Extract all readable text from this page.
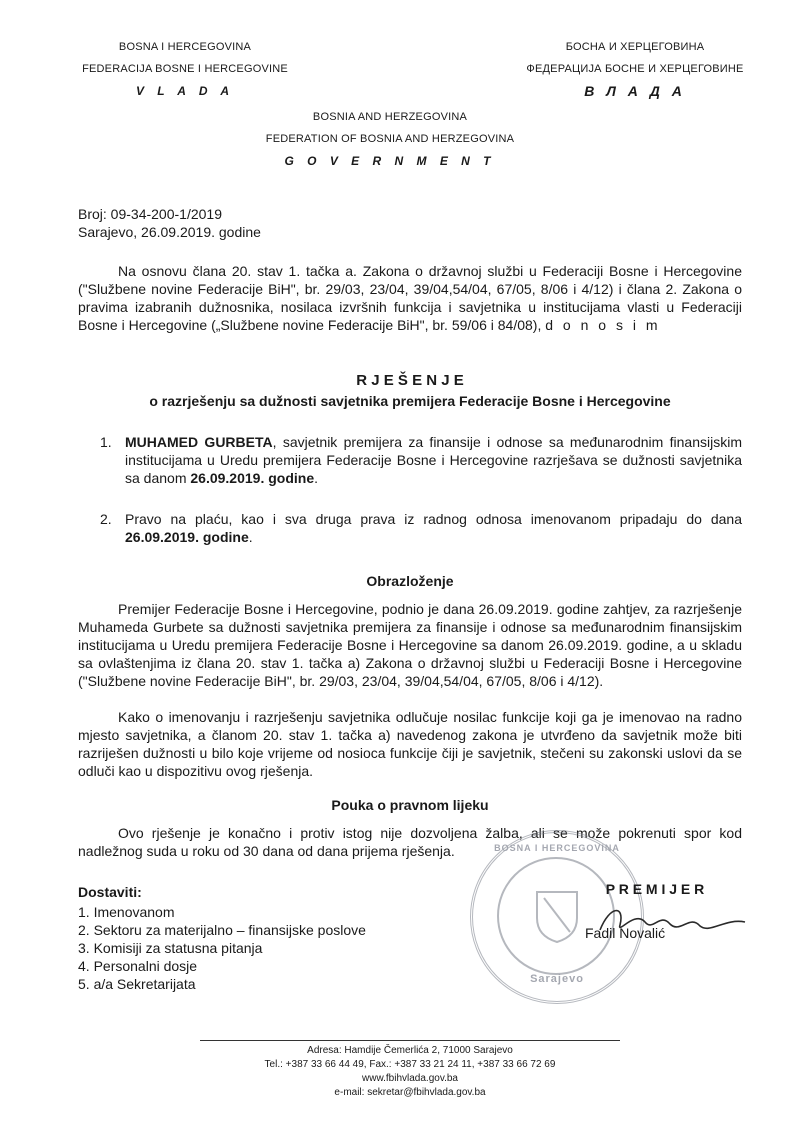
BOSNA I HERCEGOVINA
FEDERACIJA BOSNE I HERCEGOVINE
V L A D A
БОСНА И ХЕРЦЕГОВИНА
ФЕДЕРАЦИЈА БОСНЕ И ХЕРЦЕГОВИНЕ
В Л А Д А
BOSNIA AND HERZEGOVINA
FEDERATION OF BOSNIA AND HERZEGOVINA
G O V E R N M E N T
Broj: 09-34-200-1/2019
Sarajevo, 26.09.2019. godine
Na osnovu člana 20. stav 1. tačka a. Zakona o državnoj službi u Federaciji Bosne i Hercegovine ("Službene novine Federacije BiH", br. 29/03, 23/04, 39/04,54/04, 67/05, 8/06 i 4/12) i člana 2. Zakona o pravima izabranih dužnosnika, nosilaca izvršnih funkcija i savjetnika u institucijama vlasti u Federaciji Bosne i Hercegovine („Službene novine Federacije BiH", br. 59/06 i 84/08), d o n o s i m
R J E Š E N J E
o razrješenju sa dužnosti savjetnika premijera Federacije Bosne i Hercegovine
1. MUHAMED GURBETA, savjetnik premijera za finansije i odnose sa međunarodnim finansijskim institucijama u Uredu premijera Federacije Bosne i Hercegovine razrješava se dužnosti savjetnika sa danom 26.09.2019. godine.
2. Pravo na plaću, kao i sva druga prava iz radnog odnosa imenovanom pripadaju do dana 26.09.2019. godine.
Obrazloženje
Premijer Federacije Bosne i Hercegovine, podnio je dana 26.09.2019. godine zahtjev, za razrješenje Muhameda Gurbete sa dužnosti savjetnika premijera za finansije i odnose sa međunarodnim finansijskim institucijama u Uredu premijera Federacije Bosne i Hercegovine sa danom 26.09.2019. godine, a u skladu sa ovlaštenjima iz člana 20. stav 1. tačka a) Zakona o državnoj službi u Federaciji Bosne i Hercegovine ("Službene novine Federacije BiH", br. 29/03, 23/04, 39/04,54/04, 67/05, 8/06 i 4/12).
Kako o imenovanju i razrješenju savjetnika odlučuje nosilac funkcije koji ga je imenovao na radno mjesto savjetnika, a članom 20. stav 1. tačka a) navedenog zakona je utvrđeno da savjetnik može biti razriješen dužnosti u bilo koje vrijeme od nosioca funkcije čiji je savjetnik, stečeni su zakonski uslovi da se odluči kao u dispozitivu ovog rješenja.
Pouka o pravnom lijeku
Ovo rješenje je konačno i protiv istog nije dozvoljena žalba, ali se može pokrenuti spor kod nadležnog suda u roku od 30 dana od dana prijema rješenja.	BOSNA I HERCEGOVINA
Sarajevo
Dostaviti:
1. Imenovanom
2. Sektoru za materijalno – finansijske poslove
3. Komisiji za statusna pitanja
4. Personalni dosje
5. a/a Sekretarijata
P R E M I J E R
Fadil Novalić
Adresa: Hamdije Čemerlića 2, 71000 Sarajevo
Tel.: +387 33 66 44 49, Fax.: +387 33 21 24 11, +387 33 66 72 69
www.fbihvlada.gov.ba
e-mail: sekretar@fbihvlada.gov.ba
